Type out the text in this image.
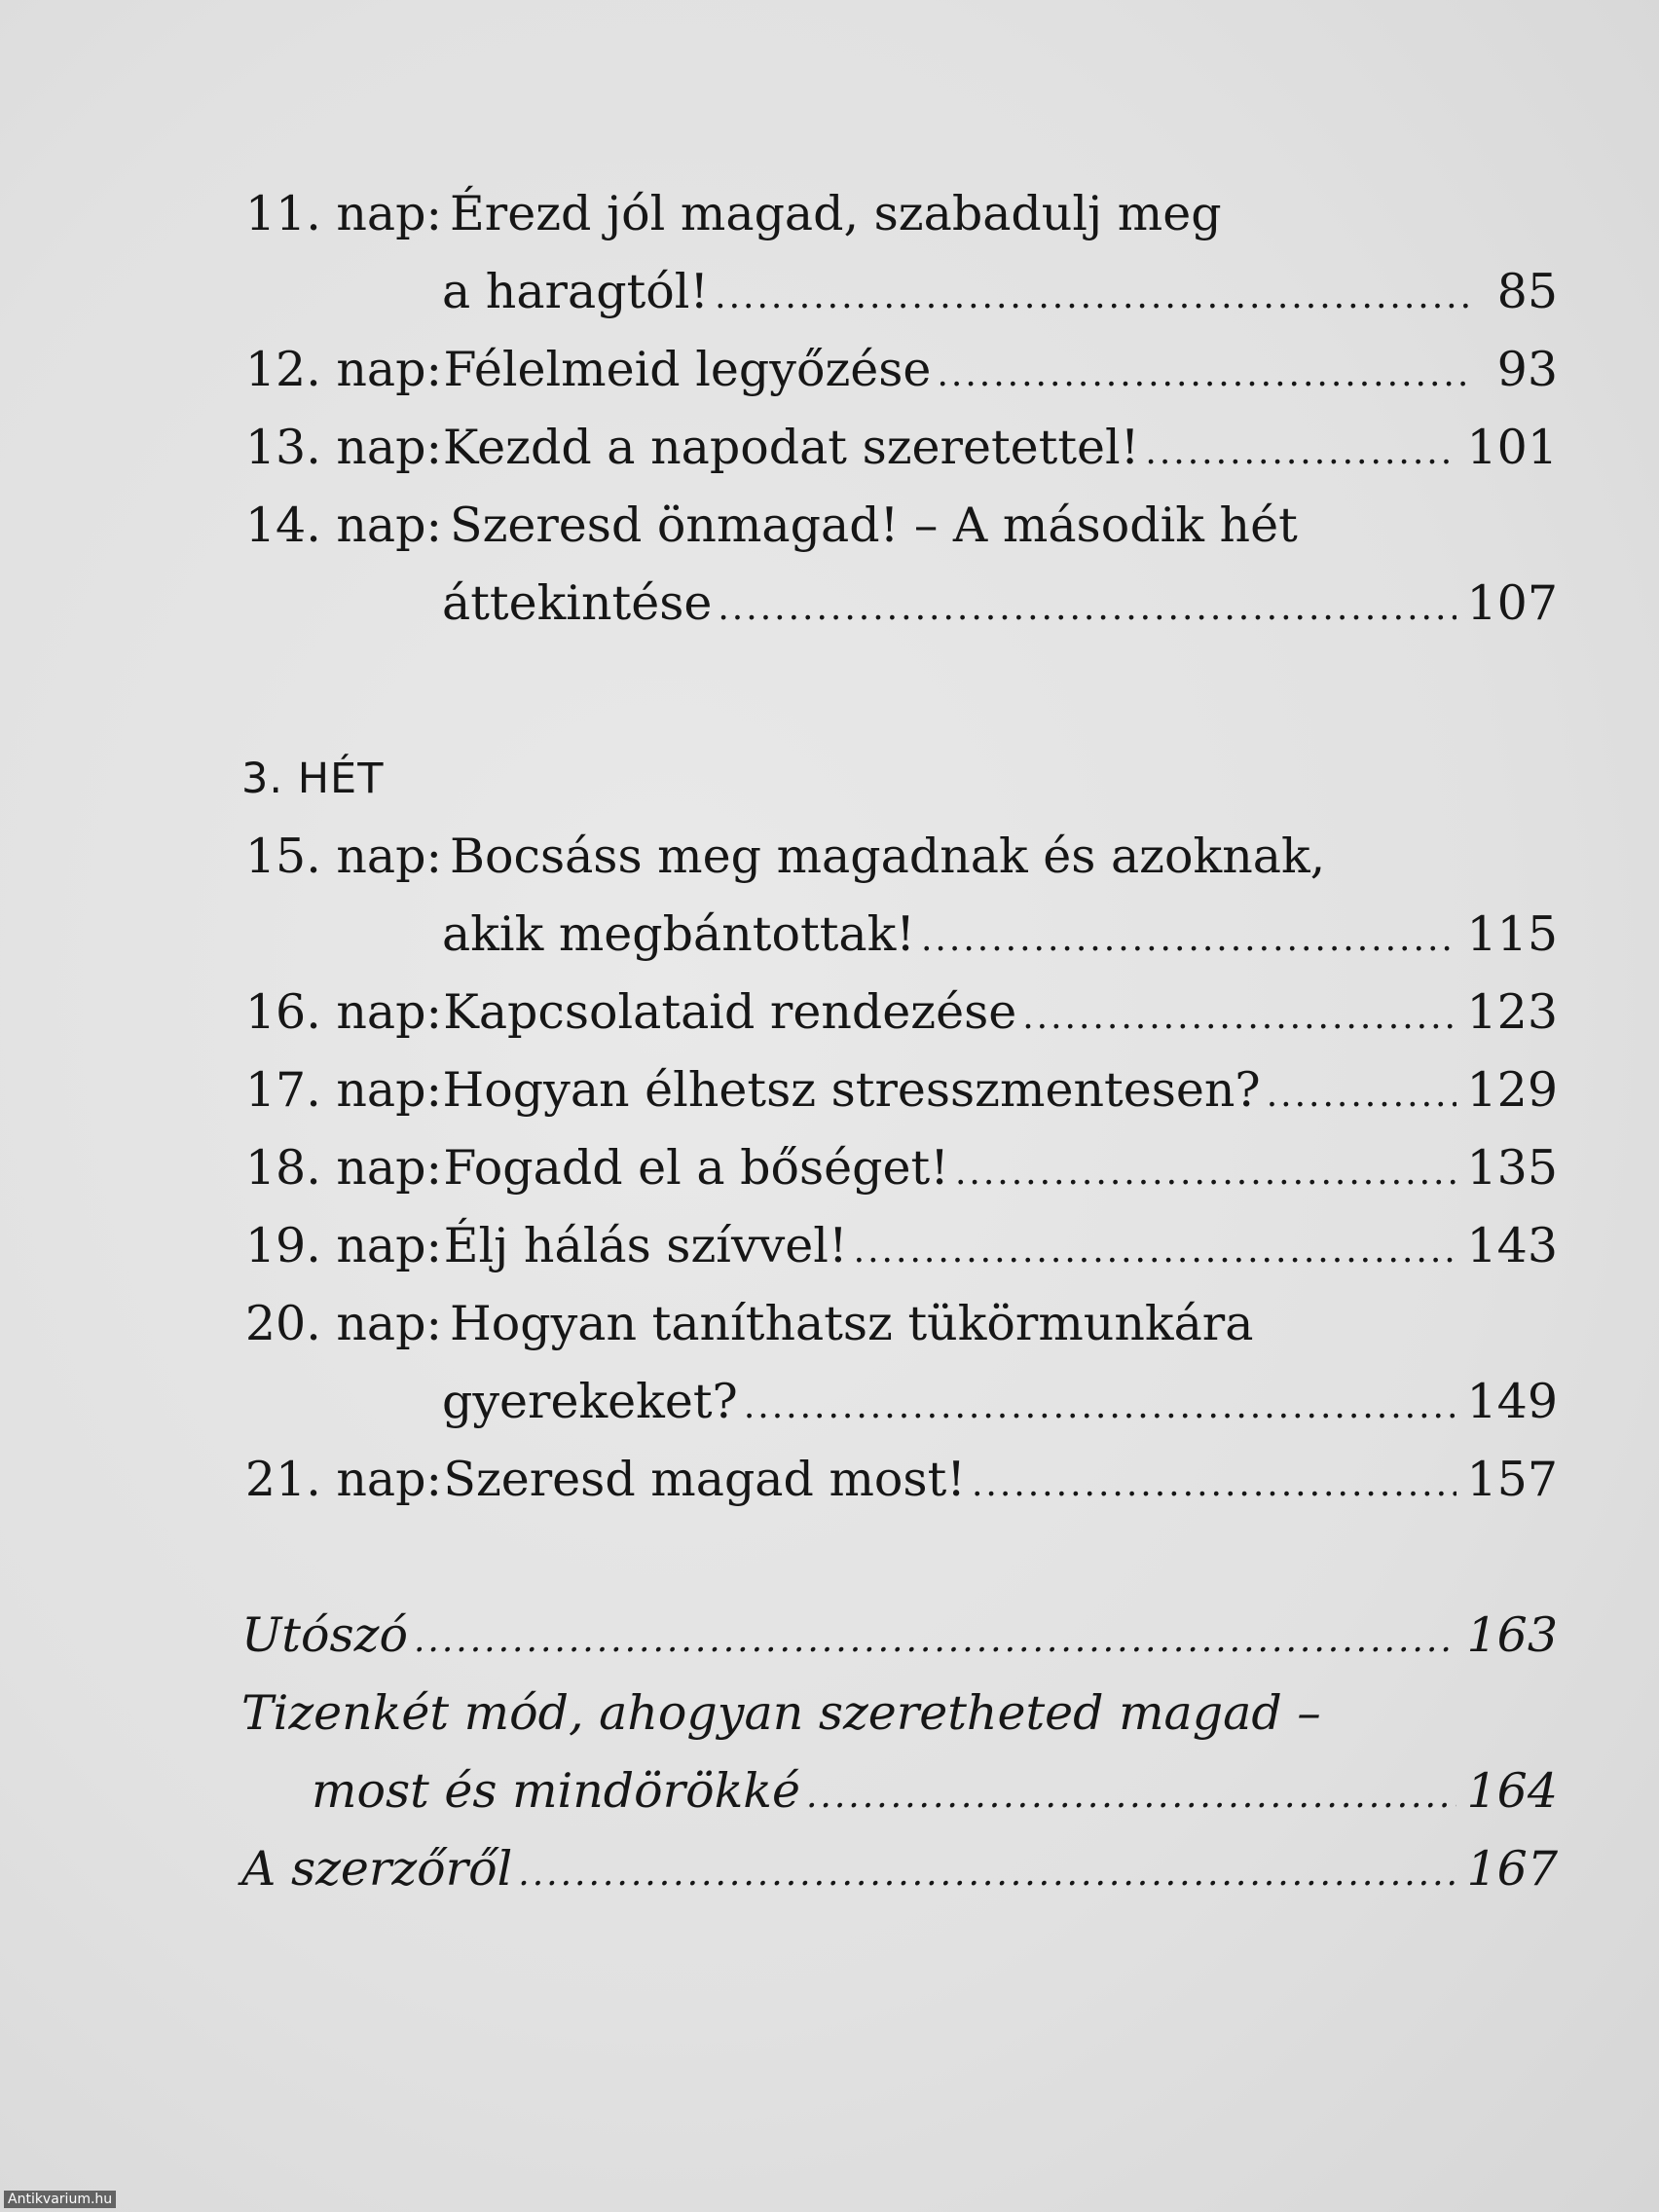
11. nap: Érezd jól magad, szabadulj meg
a haragtól! .....	85
12. nap: Félelmeid legyőzése .....	93
13. nap: Kezdd a napodat szeretettel! .....	101
14. nap: Szeresd önmagad! – A második hét
áttekintése .....	107
3. HÉT
15. nap: Bocsáss meg magadnak és azoknak,
akik megbántottak! .....	115
16. nap: Kapcsolataid rendezése .....	123
17. nap: Hogyan élhetsz stresszmentesen? .....	129
18. nap: Fogadd el a bőséget! .....	135
19. nap: Élj hálás szívvel! .....	143
20. nap: Hogyan taníthatsz tükörmunkára
gyerekeket? .....	149
21. nap: Szeresd magad most! .....	157
Utószó .....	163
Tizenkét mód, ahogyan szeretheted magad –
most és mindörökké .....	164
A szerzőről .....	167
Antikvarium.hu
